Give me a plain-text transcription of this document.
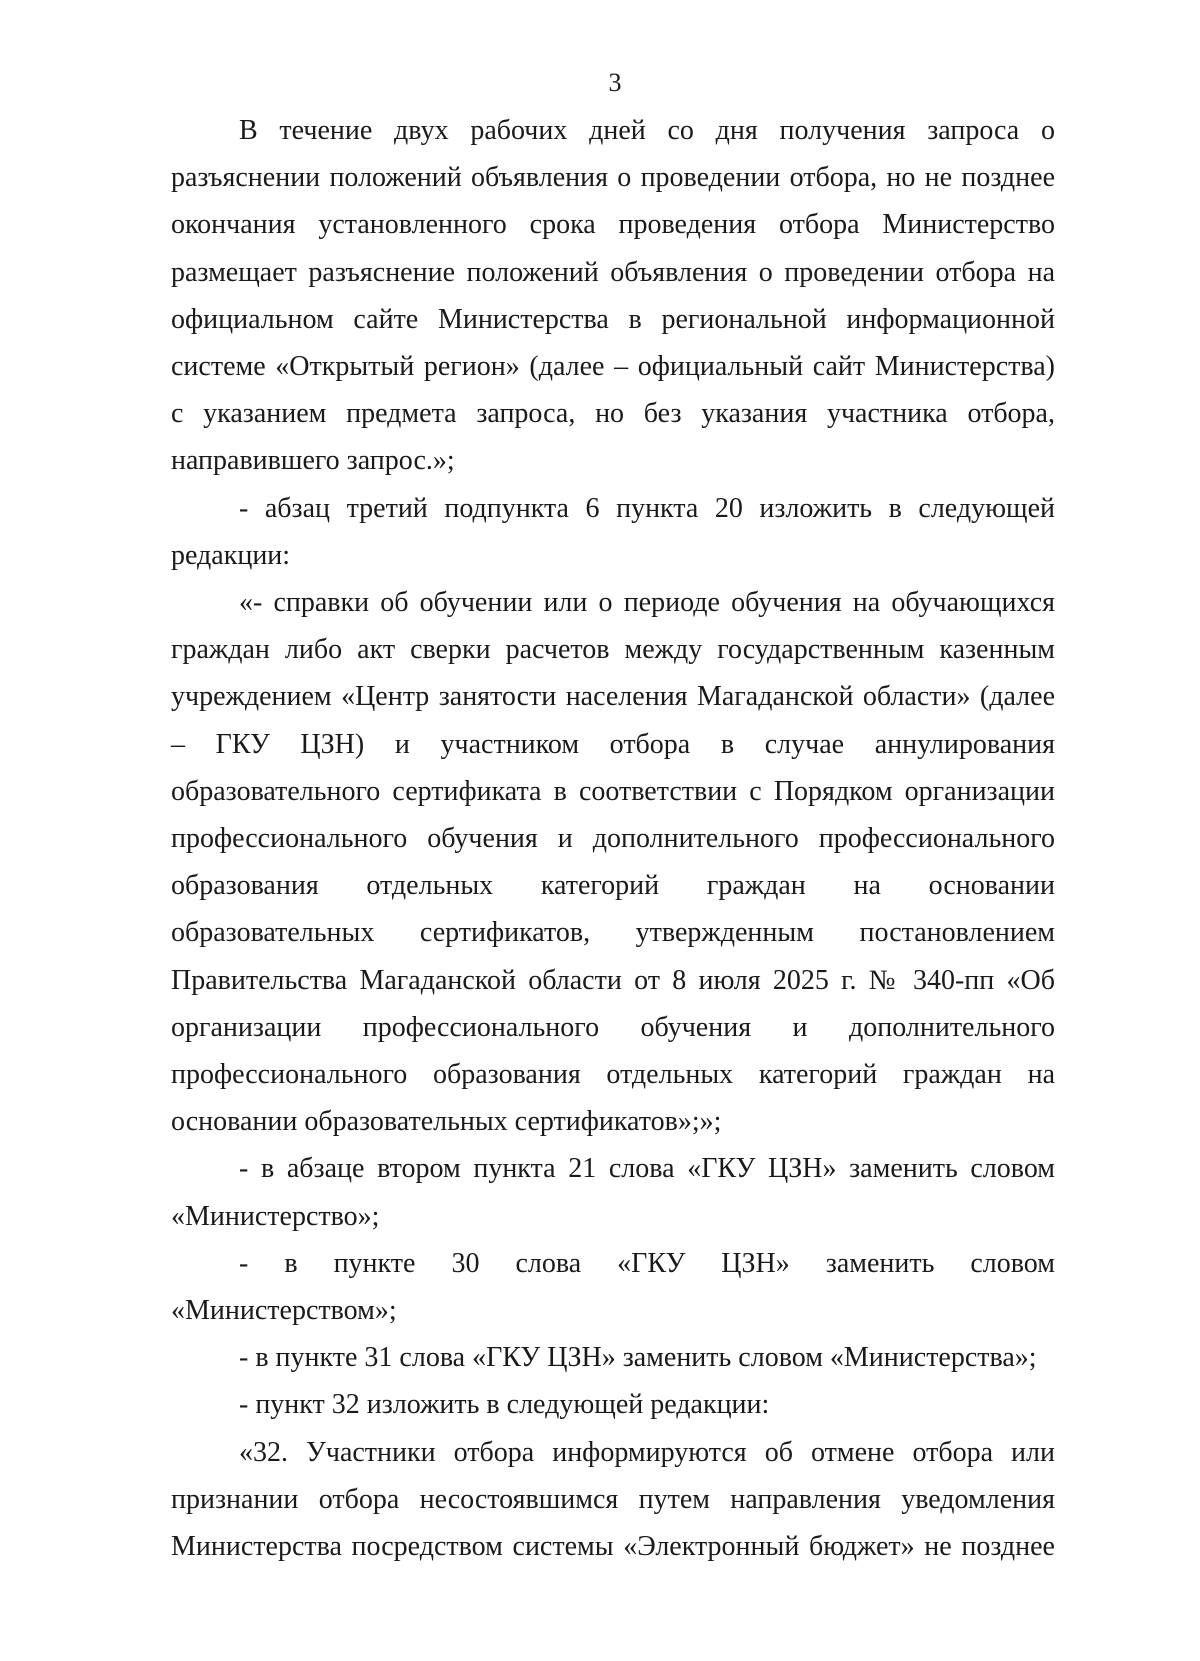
3

В течение двух рабочих дней со дня получения запроса о разъяснении положений объявления о проведении отбора, но не позднее окончания установленного срока проведения отбора Министерство размещает разъяснение положений объявления о проведении отбора на официальном сайте Министерства в региональной информационной системе «Открытый регион» (далее – официальный сайт Министерства) с указанием предмета запроса, но без указания участника отбора, направившего запрос.»;

- абзац третий подпункта 6 пункта 20 изложить в следующей редакции:

«- справки об обучении или о периоде обучения на обучающихся граждан либо акт сверки расчетов между государственным казенным учреждением «Центр занятости населения Магаданской области» (далее – ГКУ ЦЗН) и участником отбора в случае аннулирования образовательного сертификата в соответствии с Порядком организации профессионального обучения и дополнительного профессионального образования отдельных категорий граждан на основании образовательных сертификатов, утвержденным постановлением Правительства Магаданской области от 8 июля 2025 г. № 340-пп «Об организации профессионального обучения и дополнительного профессионального образования отдельных категорий граждан на основании образовательных сертификатов»;»;

- в абзаце втором пункта 21 слова «ГКУ ЦЗН» заменить словом «Министерство»;

- в пункте 30 слова «ГКУ ЦЗН» заменить словом «Министерством»;

- в пункте 31 слова «ГКУ ЦЗН» заменить словом «Министерства»;

- пункт 32 изложить в следующей редакции:

«32. Участники отбора информируются об отмене отбора или признании отбора несостоявшимся путем направления уведомления Министерства посредством системы «Электронный бюджет» не позднее
